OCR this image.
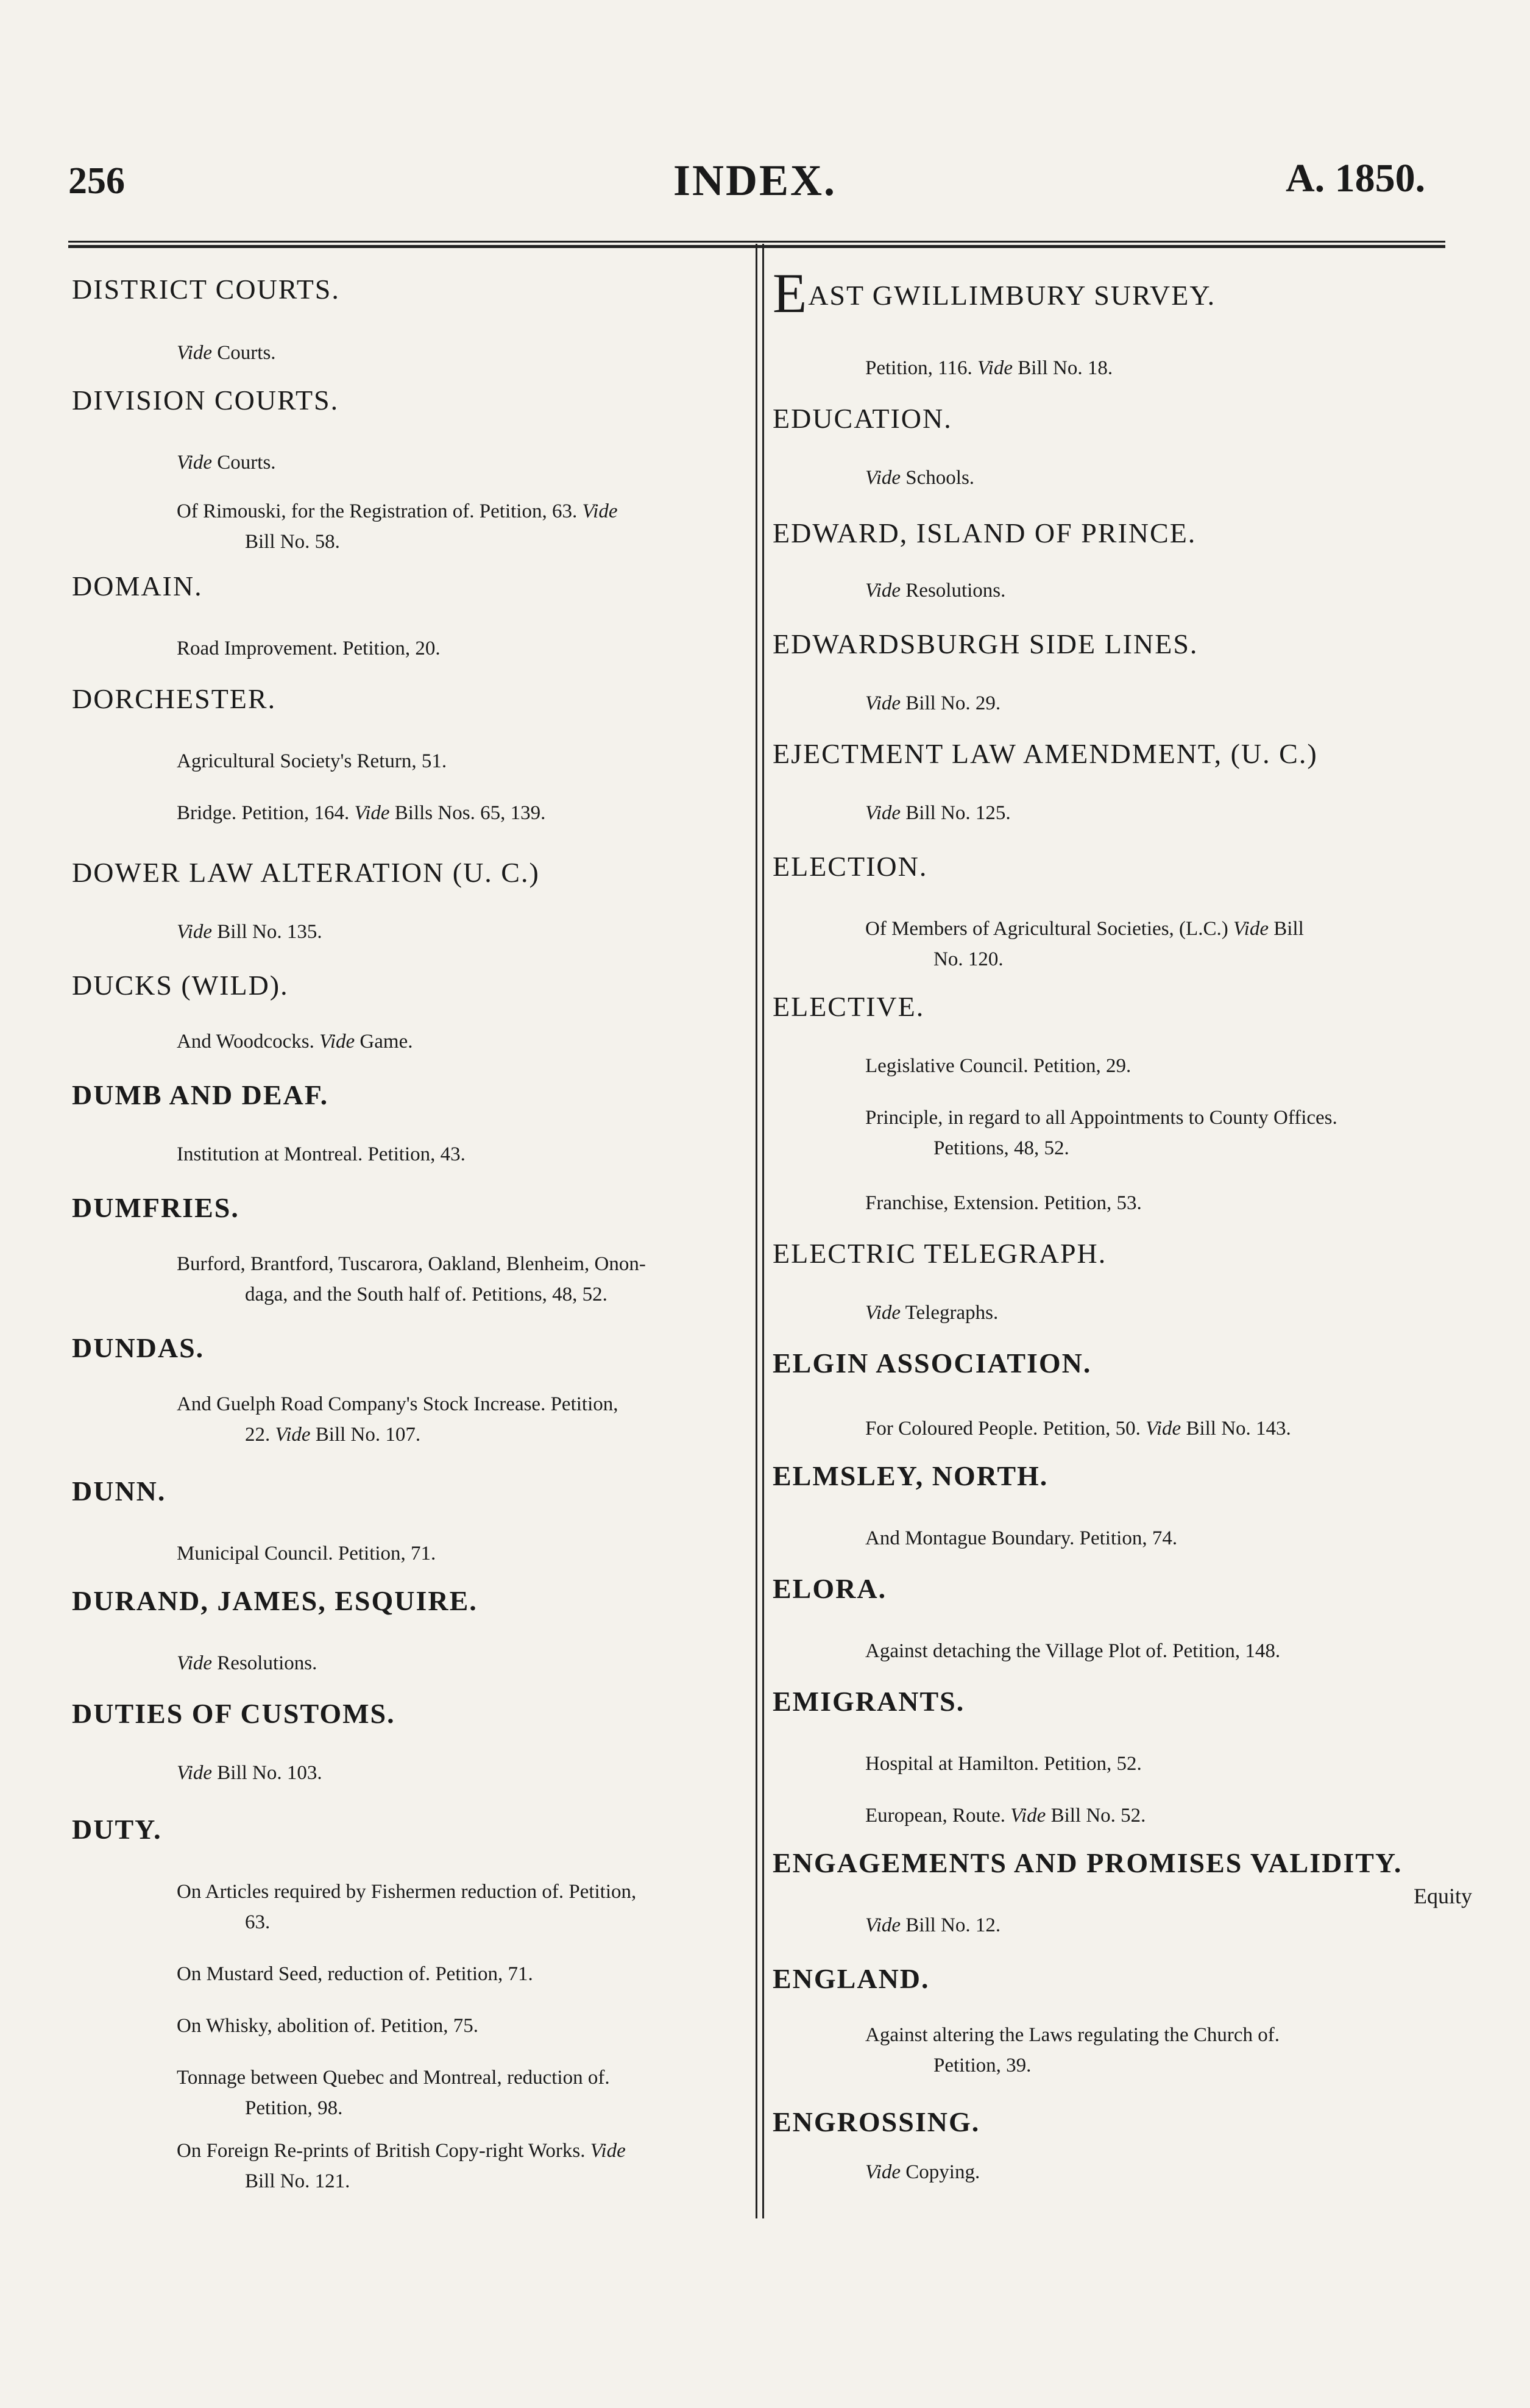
256	INDEX.	A. 1850.
DISTRICT COURTS.
Vide Courts.
DIVISION COURTS.
Vide Courts.
Of Rimouski, for the Registration of. Petition, 63. Vide
Bill No. 58.
DOMAIN.
Road Improvement. Petition, 20.
DORCHESTER.
Agricultural Society's Return, 51.
Bridge. Petition, 164. Vide Bills Nos. 65, 139.
DOWER LAW ALTERATION (U. C.)
Vide Bill No. 135.
DUCKS (WILD).
And Woodcocks. Vide Game.
DUMB AND DEAF.
Institution at Montreal. Petition, 43.
DUMFRIES.
Burford, Brantford, Tuscarora, Oakland, Blenheim, Onon-
daga, and the South half of. Petitions, 48, 52.
DUNDAS.
And Guelph Road Company's Stock Increase. Petition,
22. Vide Bill No. 107.
DUNN.
Municipal Council. Petition, 71.
DURAND, JAMES, ESQUIRE.
Vide Resolutions.
DUTIES OF CUSTOMS.
Vide Bill No. 103.
DUTY.
On Articles required by Fishermen reduction of. Petition,
63.
On Mustard Seed, reduction of. Petition, 71.
On Whisky, abolition of. Petition, 75.
Tonnage between Quebec and Montreal, reduction of.
Petition, 98.
On Foreign Re-prints of British Copy-right Works. Vide
Bill No. 121.
EAST GWILLIMBURY SURVEY.
Petition, 116. Vide Bill No. 18.
EDUCATION.
Vide Schools.
EDWARD, ISLAND OF PRINCE.
Vide Resolutions.
EDWARDSBURGH SIDE LINES.
Vide Bill No. 29.
EJECTMENT LAW AMENDMENT, (U. C.)
Vide Bill No. 125.
ELECTION.
Of Members of Agricultural Societies, (L.C.) Vide Bill
No. 120.
ELECTIVE.
Legislative Council. Petition, 29.
Principle, in regard to all Appointments to County Offices.
Petitions, 48, 52.
Franchise, Extension. Petition, 53.
ELECTRIC TELEGRAPH.
Vide Telegraphs.
ELGIN ASSOCIATION.
For Coloured People. Petition, 50. Vide Bill No. 143.
ELMSLEY, NORTH.
And Montague Boundary. Petition, 74.
ELORA.
Against detaching the Village Plot of. Petition, 148.
EMIGRANTS.
Hospital at Hamilton. Petition, 52.
European, Route. Vide Bill No. 52.
ENGAGEMENTS AND PROMISES VALIDITY.
Vide Bill No. 12.
ENGLAND.
Against altering the Laws regulating the Church of.
Petition, 39.
ENGROSSING.
Vide Copying.
Equity
